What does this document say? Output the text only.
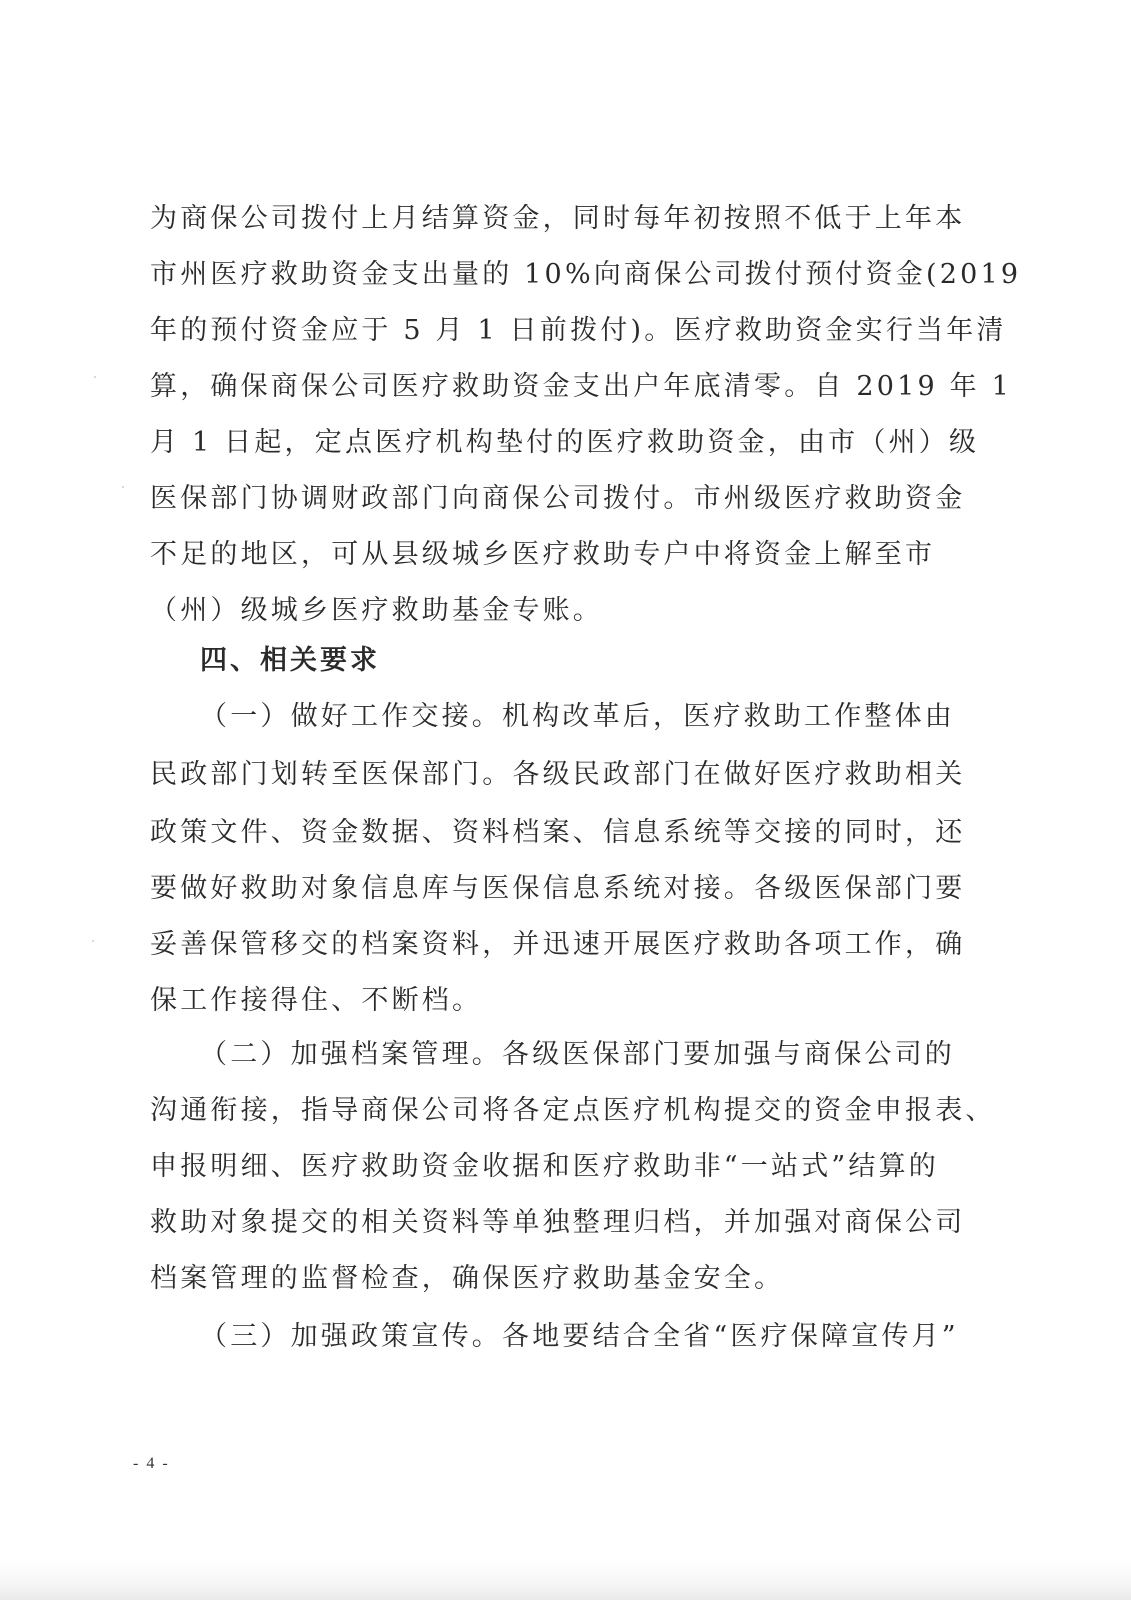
为商保公司拨付上月结算资金，同时每年初按照不低于上年本
市州医疗救助资金支出量的 10%向商保公司拨付预付资金(2019
年的预付资金应于 5 月 1 日前拨付)。医疗救助资金实行当年清
算，确保商保公司医疗救助资金支出户年底清零。自 2019 年 1
月 1 日起，定点医疗机构垫付的医疗救助资金，由市（州）级
医保部门协调财政部门向商保公司拨付。市州级医疗救助资金
不足的地区，可从县级城乡医疗救助专户中将资金上解至市
（州）级城乡医疗救助基金专账。
四、相关要求
（一）做好工作交接。机构改革后，医疗救助工作整体由
民政部门划转至医保部门。各级民政部门在做好医疗救助相关
政策文件、资金数据、资料档案、信息系统等交接的同时，还
要做好救助对象信息库与医保信息系统对接。各级医保部门要
妥善保管移交的档案资料，并迅速开展医疗救助各项工作，确
保工作接得住、不断档。
（二）加强档案管理。各级医保部门要加强与商保公司的
沟通衔接，指导商保公司将各定点医疗机构提交的资金申报表、
申报明细、医疗救助资金收据和医疗救助非“一站式”结算的
救助对象提交的相关资料等单独整理归档，并加强对商保公司
档案管理的监督检查，确保医疗救助基金安全。
（三）加强政策宣传。各地要结合全省“医疗保障宣传月”
- 4 -
